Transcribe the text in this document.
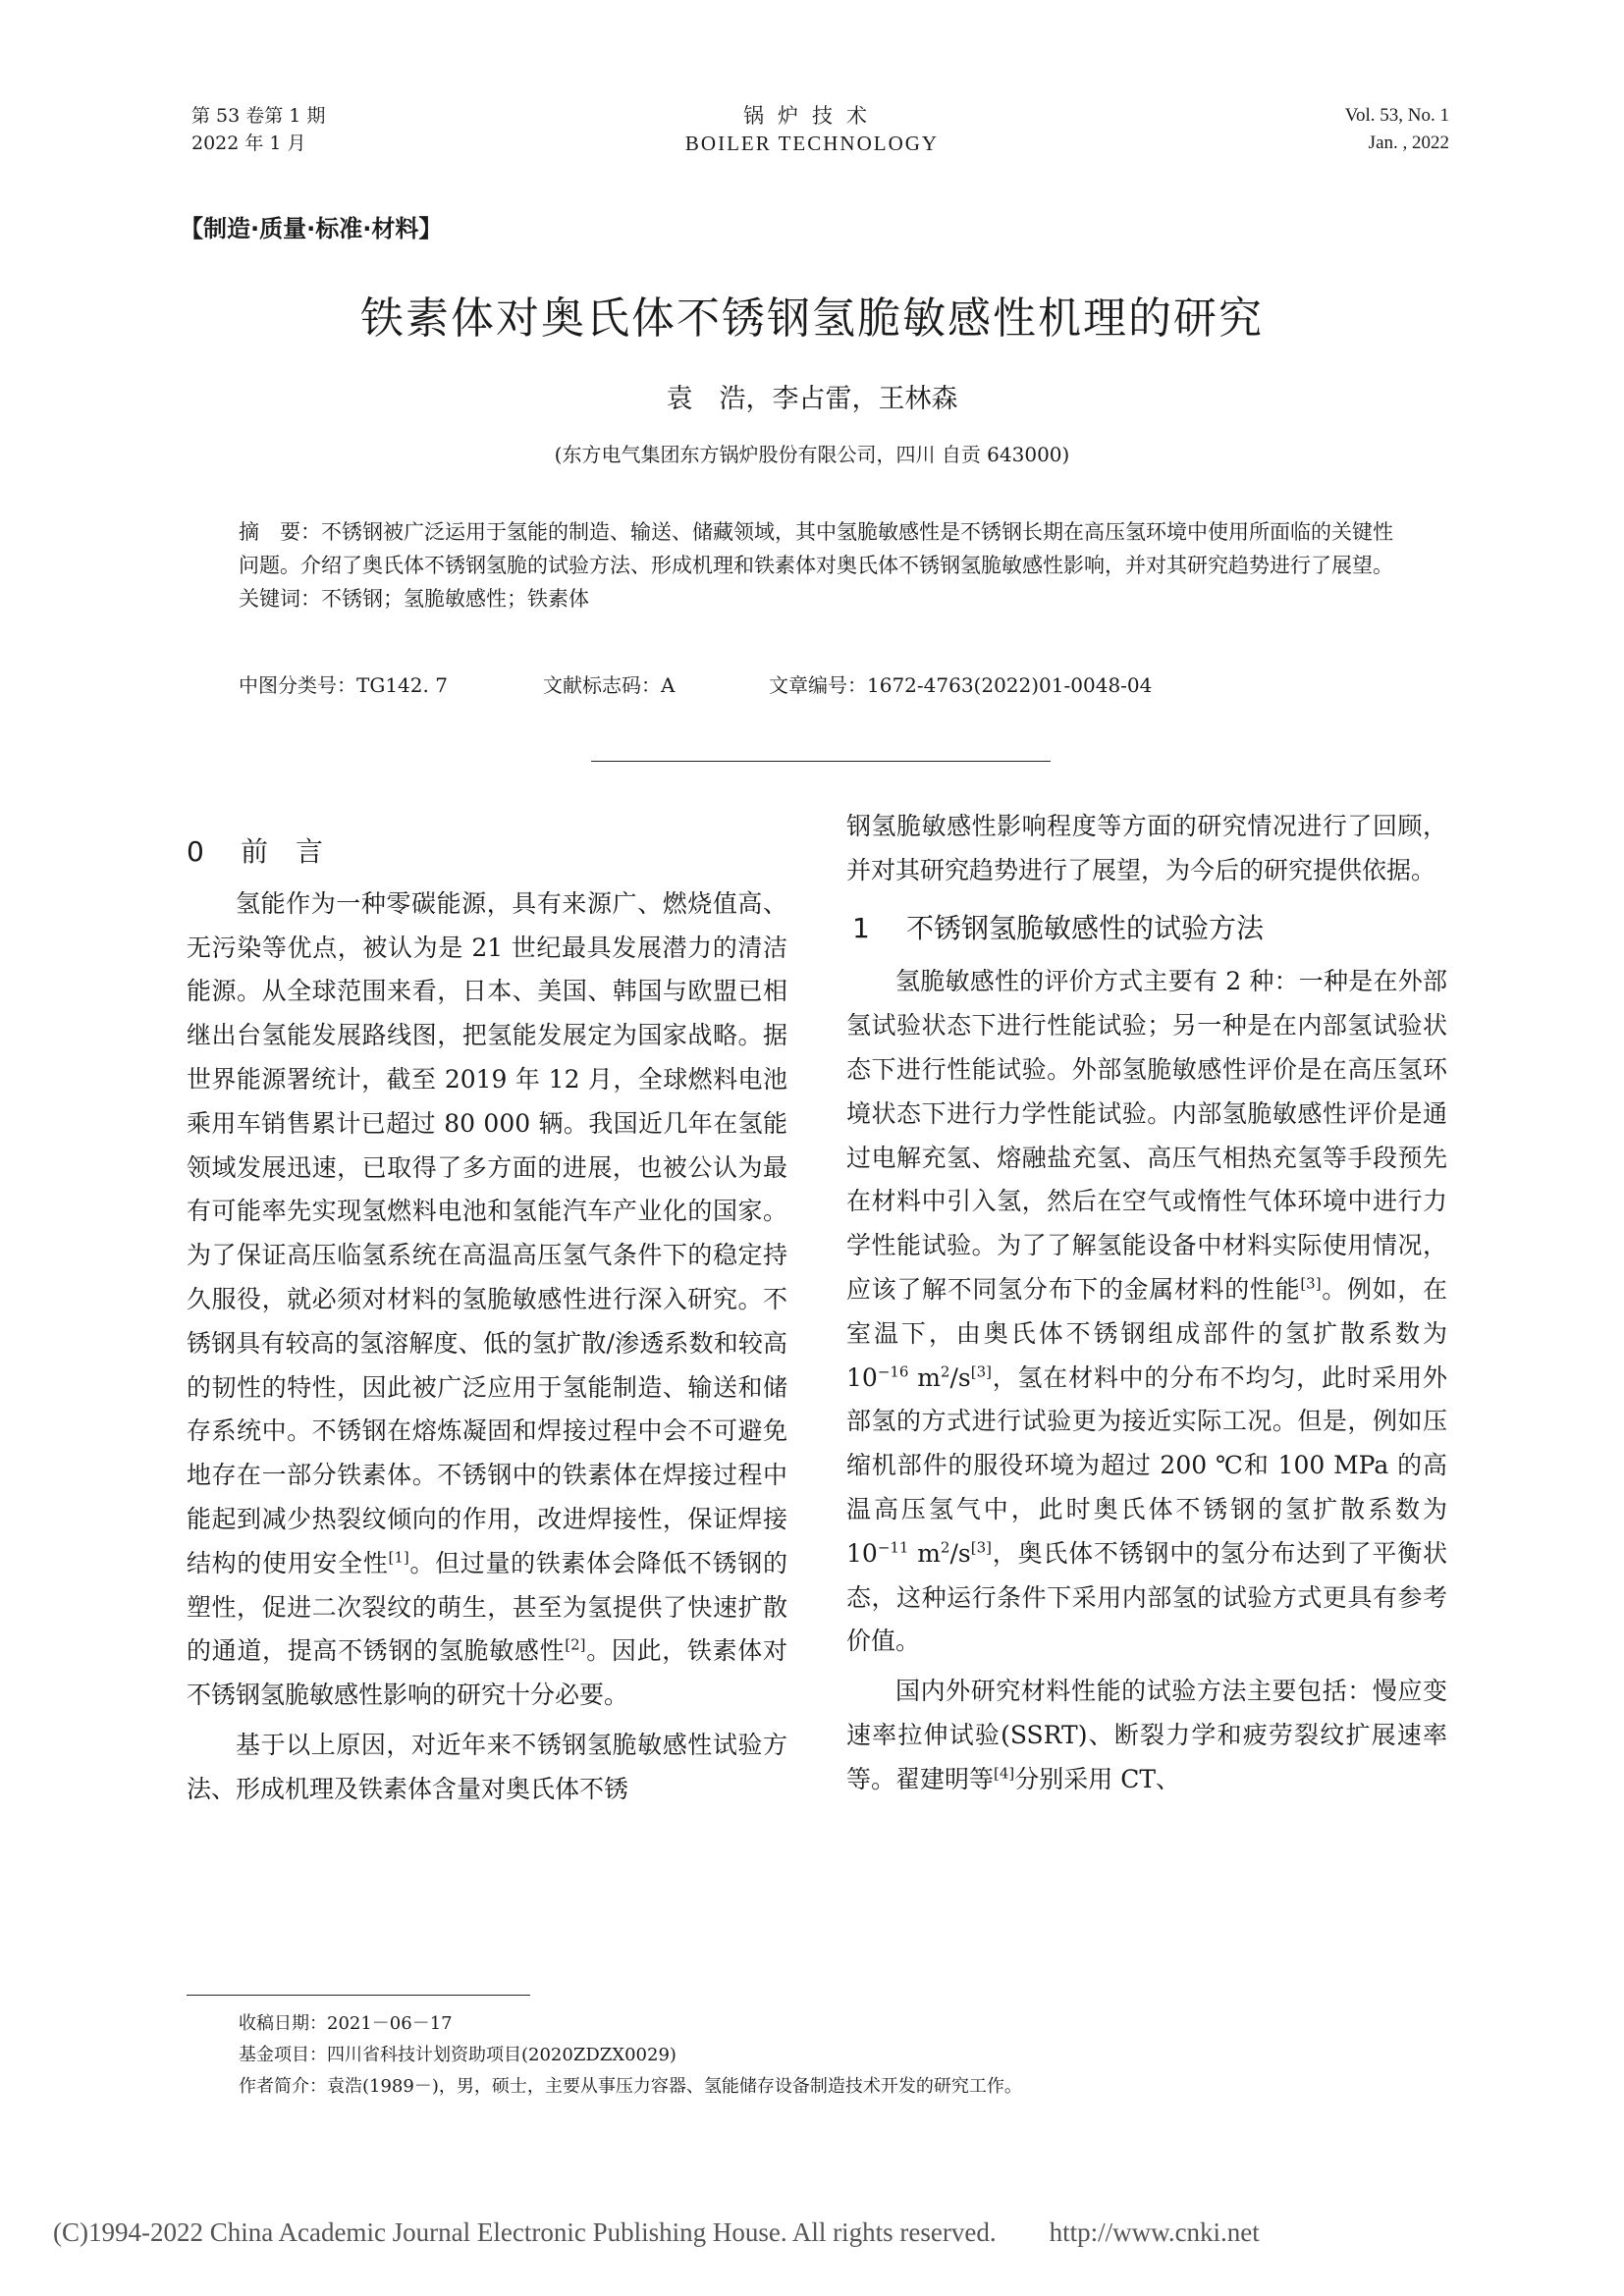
第 53 卷第 1 期
2022 年 1 月
锅炉技术
BOILER TECHNOLOGY
Vol. 53, No. 1
Jan. , 2022
【制造·质量·标准·材料】
铁素体对奥氏体不锈钢氢脆敏感性机理的研究
袁　浩，李占雷，王林森
(东方电气集团东方锅炉股份有限公司，四川 自贡 643000)
摘　要：不锈钢被广泛运用于氢能的制造、输送、储藏领域，其中氢脆敏感性是不锈钢长期在高压氢环境中使用所面临的关键性问题。介绍了奥氏体不锈钢氢脆的试验方法、形成机理和铁素体对奥氏体不锈钢氢脆敏感性影响，并对其研究趋势进行了展望。
关键词：不锈钢；氢脆敏感性；铁素体
中图分类号：TG142. 7	文献标志码：A	文章编号：1672-4763(2022)01-0048-04
0 前　言

氢能作为一种零碳能源，具有来源广、燃烧值高、无污染等优点，被认为是 21 世纪最具发展潜力的清洁能源。从全球范围来看，日本、美国、韩国与欧盟已相继出台氢能发展路线图，把氢能发展定为国家战略。据世界能源署统计，截至 2019 年 12 月，全球燃料电池乘用车销售累计已超过 80 000 辆。我国近几年在氢能领域发展迅速，已取得了多方面的进展，也被公认为最有可能率先实现氢燃料电池和氢能汽车产业化的国家。为了保证高压临氢系统在高温高压氢气条件下的稳定持久服役，就必须对材料的氢脆敏感性进行深入研究。不锈钢具有较高的氢溶解度、低的氢扩散/渗透系数和较高的韧性的特性，因此被广泛应用于氢能制造、输送和储存系统中。不锈钢在熔炼凝固和焊接过程中会不可避免地存在一部分铁素体。不锈钢中的铁素体在焊接过程中能起到减少热裂纹倾向的作用，改进焊接性，保证焊接结构的使用安全性[1]。但过量的铁素体会降低不锈钢的塑性，促进二次裂纹的萌生，甚至为氢提供了快速扩散的通道，提高不锈钢的氢脆敏感性[2]。因此，铁素体对不锈钢氢脆敏感性影响的研究十分必要。

基于以上原因，对近年来不锈钢氢脆敏感性试验方法、形成机理及铁素体含量对奥氏体不锈

钢氢脆敏感性影响程度等方面的研究情况进行了回顾，并对其研究趋势进行了展望，为今后的研究提供依据。

1 不锈钢氢脆敏感性的试验方法

氢脆敏感性的评价方式主要有 2 种：一种是在外部氢试验状态下进行性能试验；另一种是在内部氢试验状态下进行性能试验。外部氢脆敏感性评价是在高压氢环境状态下进行力学性能试验。内部氢脆敏感性评价是通过电解充氢、熔融盐充氢、高压气相热充氢等手段预先在材料中引入氢，然后在空气或惰性气体环境中进行力学性能试验。为了了解氢能设备中材料实际使用情况，应该了解不同氢分布下的金属材料的性能[3]。例如，在室温下，由奥氏体不锈钢组成部件的氢扩散系数为 $10^{-16}$ $m^2/s[3]$，氢在材料中的分布不均匀，此时采用外部氢的方式进行试验更为接近实际工况。但是，例如压缩机部件的服役环境为超过 200 ℃和 100 MPa 的高温高压氢气中，此时奥氏体不锈钢的氢扩散系数为 $10^{-11}$ $m^2/s[3]$，奥氏体不锈钢中的氢分布达到了平衡状态，这种运行条件下采用内部氢的试验方式更具有参考价值。

国内外研究材料性能的试验方法主要包括：慢应变速率拉伸试验(SSRT)、断裂力学和疲劳裂纹扩展速率等。翟建明等[4]分别采用 CT、

收稿日期：2021－06－17
基金项目：四川省科技计划资助项目(2020ZDZX0029)
作者简介：袁浩(1989－)，男，硕士，主要从事压力容器、氢能储存设备制造技术开发的研究工作。
(C)1994-2022 China Academic Journal Electronic Publishing House. All rights reserved.　　http://www.cnki.net
